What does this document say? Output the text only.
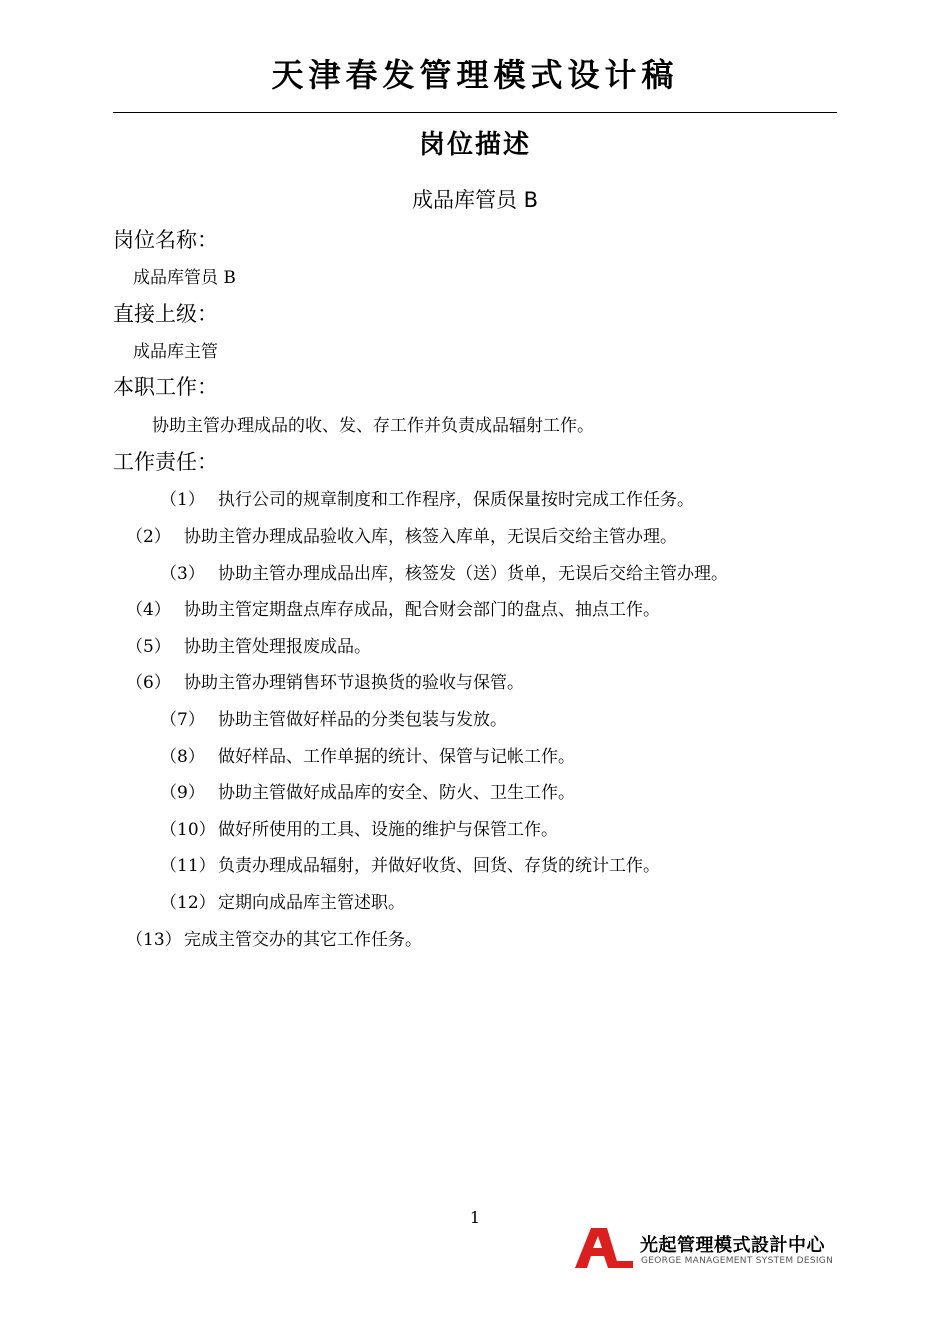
天津春发管理模式设计稿
岗位描述
成品库管员 B
岗位名称：
成品库管员 B
直接上级：
成品库主管
本职工作：
协助主管办理成品的收、发、存工作并负责成品辐射工作。
工作责任：
（1） 执行公司的规章制度和工作程序，保质保量按时完成工作任务。
（2） 协助主管办理成品验收入库，核签入库单，无误后交给主管办理。
（3） 协助主管办理成品出库，核签发（送）货单，无误后交给主管办理。
（4） 协助主管定期盘点库存成品，配合财会部门的盘点、抽点工作。
（5） 协助主管处理报废成品。
（6） 协助主管办理销售环节退换货的验收与保管。
（7） 协助主管做好样品的分类包装与发放。
（8） 做好样品、工作单据的统计、保管与记帐工作。
（9） 协助主管做好成品库的安全、防火、卫生工作。
（10） 做好所使用的工具、设施的维护与保管工作。
（11） 负责办理成品辐射，并做好收货、回货、存货的统计工作。
（12） 定期向成品库主管述职。
（13） 完成主管交办的其它工作任务。
1
光起管理模式設計中心
GEORGE MANAGEMENT SYSTEM DESIGN
